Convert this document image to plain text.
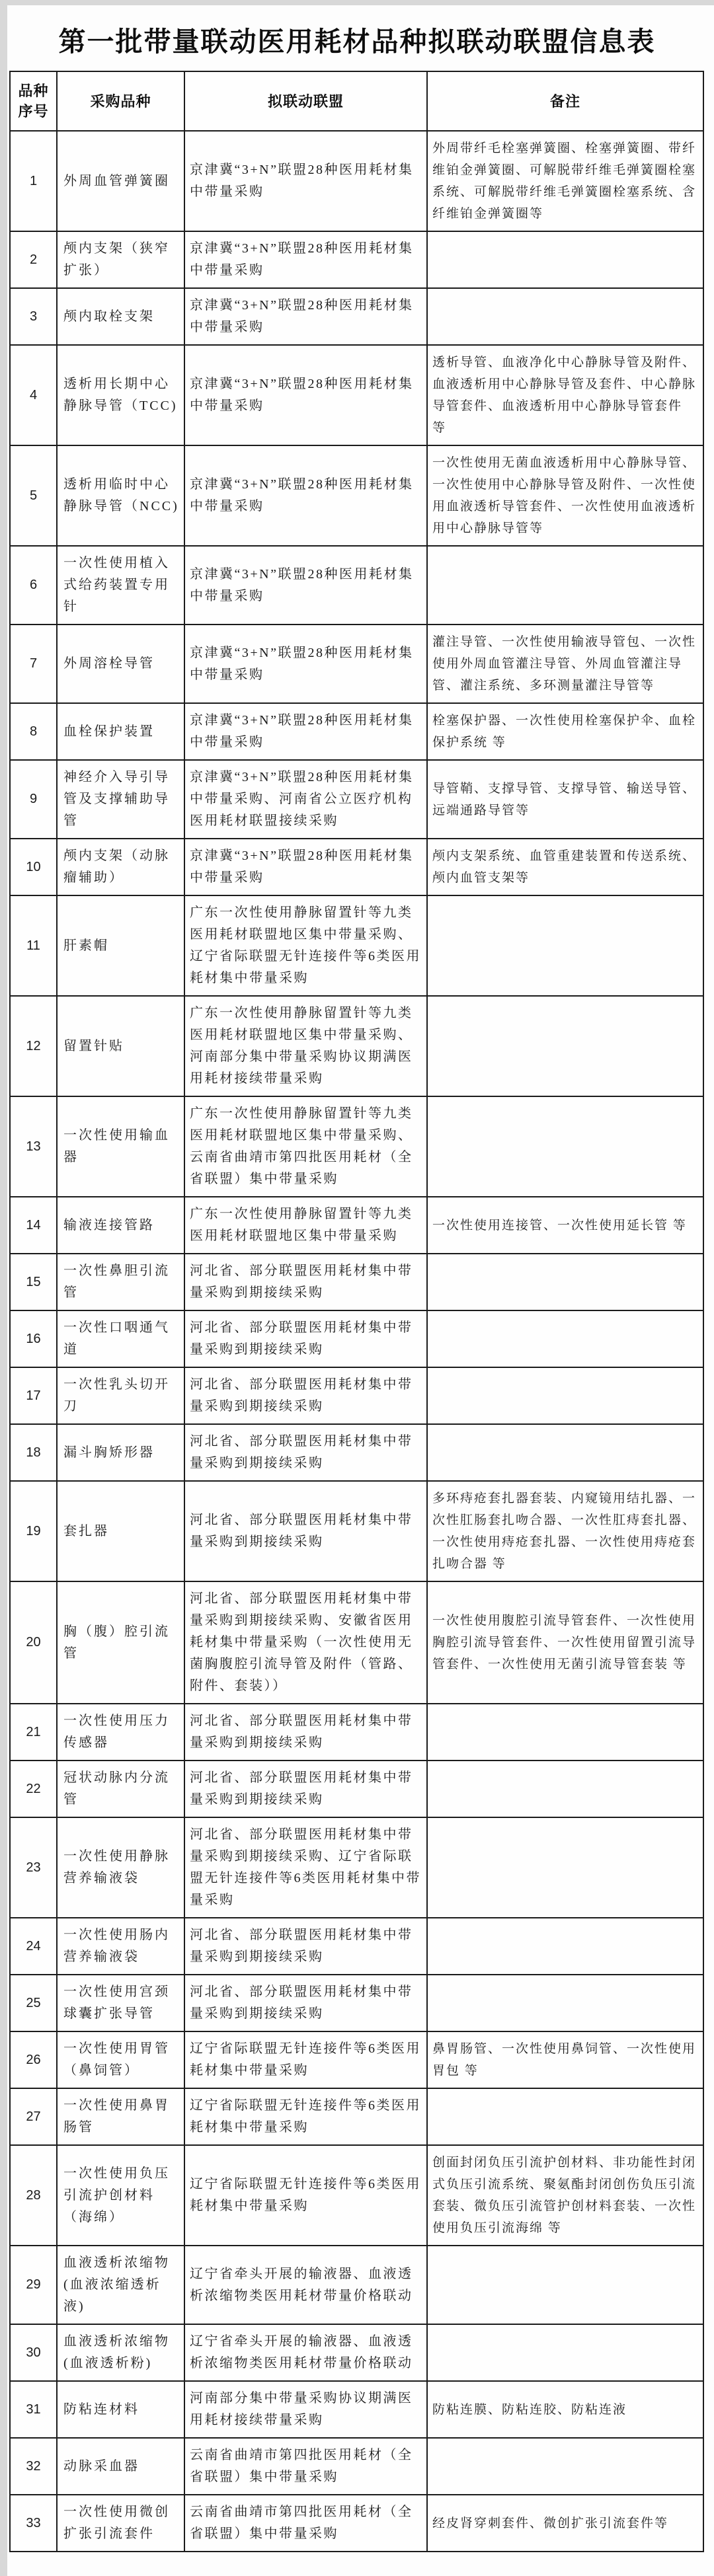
第一批带量联动医用耗材品种拟联动联盟信息表
品种序号	采购品种	拟联动联盟	备注
1	外周血管弹簧圈	京津冀“3+N”联盟28种医用耗材集中带量采购	外周带纤毛栓塞弹簧圈、栓塞弹簧圈、带纤维铂金弹簧圈、可解脱带纤维毛弹簧圈栓塞系统、可解脱带纤维毛弹簧圈栓塞系统、含纤维铂金弹簧圈等
2	颅内支架（狭窄扩张）	京津冀“3+N”联盟28种医用耗材集中带量采购	
3	颅内取栓支架	京津冀“3+N”联盟28种医用耗材集中带量采购	
4	透析用长期中心静脉导管（TCC)	京津冀“3+N”联盟28种医用耗材集中带量采购	透析导管、血液净化中心静脉导管及附件、血液透析用中心静脉导管及套件、中心静脉导管套件、血液透析用中心静脉导管套件 等
5	透析用临时中心静脉导管（NCC)	京津冀“3+N”联盟28种医用耗材集中带量采购	一次性使用无菌血液透析用中心静脉导管、一次性使用中心静脉导管及附件、一次性使用血液透析导管套件、一次性使用血液透析用中心静脉导管等
6	一次性使用植入式给药装置专用针	京津冀“3+N”联盟28种医用耗材集中带量采购	
7	外周溶栓导管	京津冀“3+N”联盟28种医用耗材集中带量采购	灌注导管、一次性使用输液导管包、一次性使用外周血管灌注导管、外周血管灌注导管、灌注系统、多环测量灌注导管等
8	血栓保护装置	京津冀“3+N”联盟28种医用耗材集中带量采购	栓塞保护器、一次性使用栓塞保护伞、血栓保护系统 等
9	神经介入导引导管及支撑辅助导管	京津冀“3+N”联盟28种医用耗材集中带量采购、河南省公立医疗机构医用耗材联盟接续采购	导管鞘、支撑导管、支撑导管、输送导管、远端通路导管等
10	颅内支架（动脉瘤辅助）	京津冀“3+N”联盟28种医用耗材集中带量采购	颅内支架系统、血管重建装置和传送系统、颅内血管支架等
11	肝素帽	广东一次性使用静脉留置针等九类医用耗材联盟地区集中带量采购、辽宁省际联盟无针连接件等6类医用耗材集中带量采购	
12	留置针贴	广东一次性使用静脉留置针等九类医用耗材联盟地区集中带量采购、河南部分集中带量采购协议期满医用耗材接续带量采购	
13	一次性使用输血器	广东一次性使用静脉留置针等九类医用耗材联盟地区集中带量采购、云南省曲靖市第四批医用耗材（全省联盟）集中带量采购	
14	输液连接管路	广东一次性使用静脉留置针等九类医用耗材联盟地区集中带量采购	一次性使用连接管、一次性使用延长管 等
15	一次性鼻胆引流管	河北省、部分联盟医用耗材集中带量采购到期接续采购	
16	一次性口咽通气道	河北省、部分联盟医用耗材集中带量采购到期接续采购	
17	一次性乳头切开刀	河北省、部分联盟医用耗材集中带量采购到期接续采购	
18	漏斗胸矫形器	河北省、部分联盟医用耗材集中带量采购到期接续采购	
19	套扎器	河北省、部分联盟医用耗材集中带量采购到期接续采购	多环痔疮套扎器套装、内窥镜用结扎器、一次性肛肠套扎吻合器、一次性肛痔套扎器、一次性使用痔疮套扎器、一次性使用痔疮套扎吻合器 等
20	胸（腹）腔引流管	河北省、部分联盟医用耗材集中带量采购到期接续采购、安徽省医用耗材集中带量采购（一次性使用无菌胸腹腔引流导管及附件（管路、附件、套装））	一次性使用腹腔引流导管套件、一次性使用胸腔引流导管套件、一次性使用留置引流导管套件、一次性使用无菌引流导管套装 等
21	一次性使用压力传感器	河北省、部分联盟医用耗材集中带量采购到期接续采购	
22	冠状动脉内分流管	河北省、部分联盟医用耗材集中带量采购到期接续采购	
23	一次性使用静脉营养输液袋	河北省、部分联盟医用耗材集中带量采购到期接续采购、辽宁省际联盟无针连接件等6类医用耗材集中带量采购	
24	一次性使用肠内营养输液袋	河北省、部分联盟医用耗材集中带量采购到期接续采购	
25	一次性使用宫颈球囊扩张导管	河北省、部分联盟医用耗材集中带量采购到期接续采购	
26	一次性使用胃管（鼻饲管）	辽宁省际联盟无针连接件等6类医用耗材集中带量采购	鼻胃肠管、一次性使用鼻饲管、一次性使用胃包 等
27	一次性使用鼻胃肠管	辽宁省际联盟无针连接件等6类医用耗材集中带量采购	
28	一次性使用负压引流护创材料（海绵）	辽宁省际联盟无针连接件等6类医用耗材集中带量采购	创面封闭负压引流护创材料、非功能性封闭式负压引流系统、聚氨酯封闭创伤负压引流套装、微负压引流管护创材料套装、一次性使用负压引流海绵 等
29	血液透析浓缩物(血液浓缩透析液)	辽宁省牵头开展的输液器、血液透析浓缩物类医用耗材带量价格联动	
30	血液透析浓缩物(血液透析粉)	辽宁省牵头开展的输液器、血液透析浓缩物类医用耗材带量价格联动	
31	防粘连材料	河南部分集中带量采购协议期满医用耗材接续带量采购	防粘连膜、防粘连胶、防粘连液
32	动脉采血器	云南省曲靖市第四批医用耗材（全省联盟）集中带量采购	
33	一次性使用微创扩张引流套件	云南省曲靖市第四批医用耗材（全省联盟）集中带量采购	经皮肾穿刺套件、微创扩张引流套件等
